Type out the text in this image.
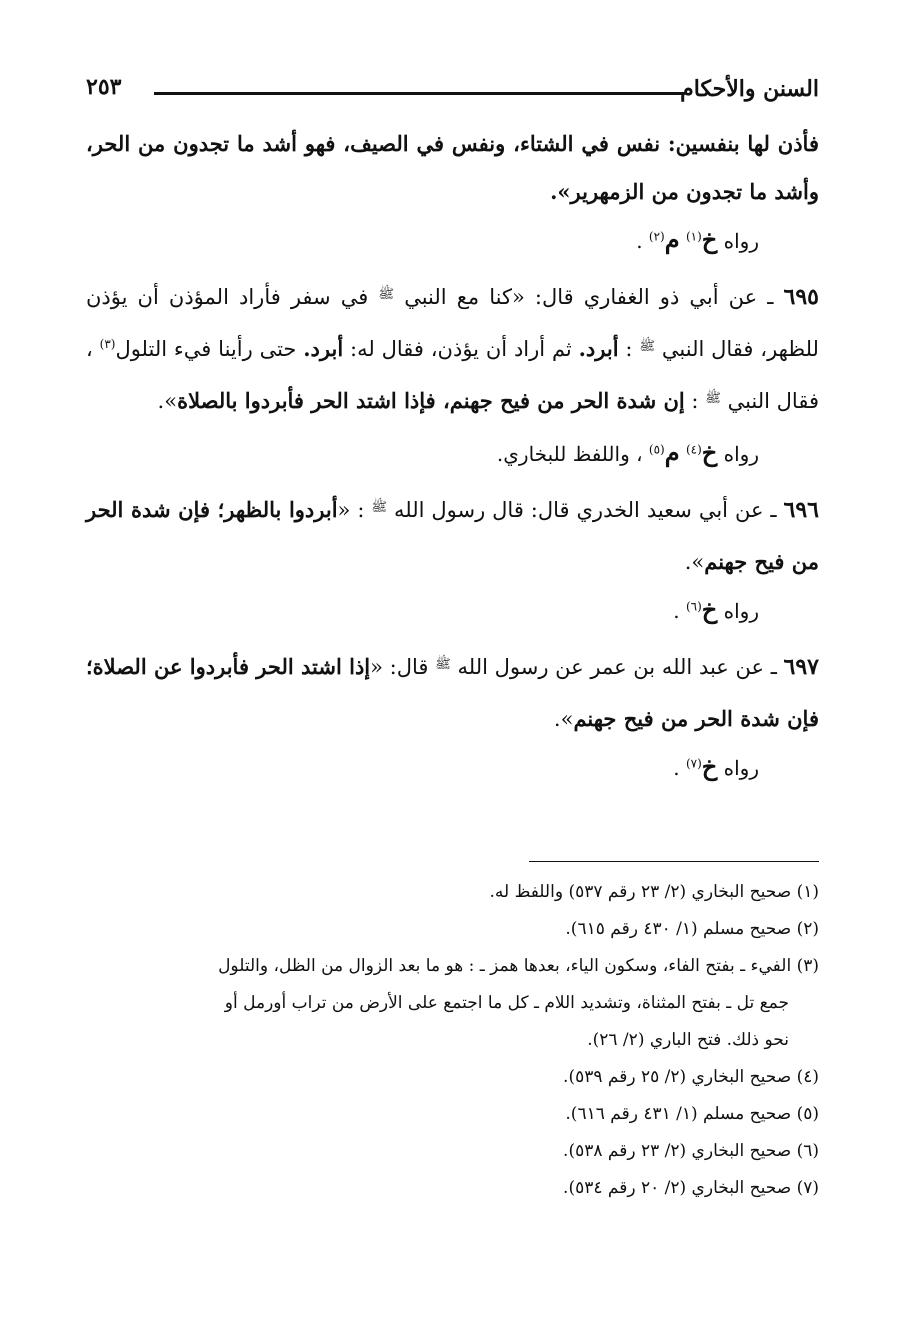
السنن والأحكام
٢٥٣

فأذن لها بنفسين: نفس في الشتاء، ونفس في الصيف، فهو أشد ما تجدون من الحر، وأشد ما تجدون من الزمهرير».

رواه خ$^{(١)}$ م$^{(٢)}$ .

٦٩٥ ـ عن أبي ذو الغفاري قال: «كنا مع النبي $^ﷺ$ في سفر فأراد المؤذن أن يؤذن للظهر، فقال النبي $^ﷺ$ : أبرد. ثم أراد أن يؤذن، فقال له: أبرد. حتى رأينا فيء التلول$^{(٣)}$ ، فقال النبي $^ﷺ$ : إن شدة الحر من فيح جهنم، فإذا اشتد الحر فأبردوا بالصلاة».

رواه خ$^{(٤)}$ م$^{(٥)}$ ، واللفظ للبخاري.

٦٩٦ ـ عن أبي سعيد الخدري قال: قال رسول الله $^ﷺ$ : «أبردوا بالظهر؛ فإن شدة الحر من فيح جهنم».

رواه خ$^{(٦)}$ .

٦٩٧ ـ عن عبد الله بن عمر عن رسول الله $^ﷺ$ قال: «إذا اشتد الحر فأبردوا عن الصلاة؛ فإن شدة الحر من فيح جهنم».

رواه خ$^{(٧)}$ .

(١) صحيح البخاري (٢/ ٢٣ رقم ٥٣٧) واللفظ له.

(٢) صحيح مسلم (١/ ٤٣٠ رقم ٦١٥).

(٣) الفيء ـ بفتح الفاء، وسكون الياء، بعدها همز ـ : هو ما بعد الزوال من الظل، والتلول

جمع تل ـ بفتح المثناة، وتشديد اللام ـ كل ما اجتمع على الأرض من تراب أورمل أو

نحو ذلك. فتح الباري (٢/ ٢٦).

(٤) صحيح البخاري (٢/ ٢٥ رقم ٥٣٩).

(٥) صحيح مسلم (١/ ٤٣١ رقم ٦١٦).

(٦) صحيح البخاري (٢/ ٢٣ رقم ٥٣٨).

(٧) صحيح البخاري (٢/ ٢٠ رقم ٥٣٤).
